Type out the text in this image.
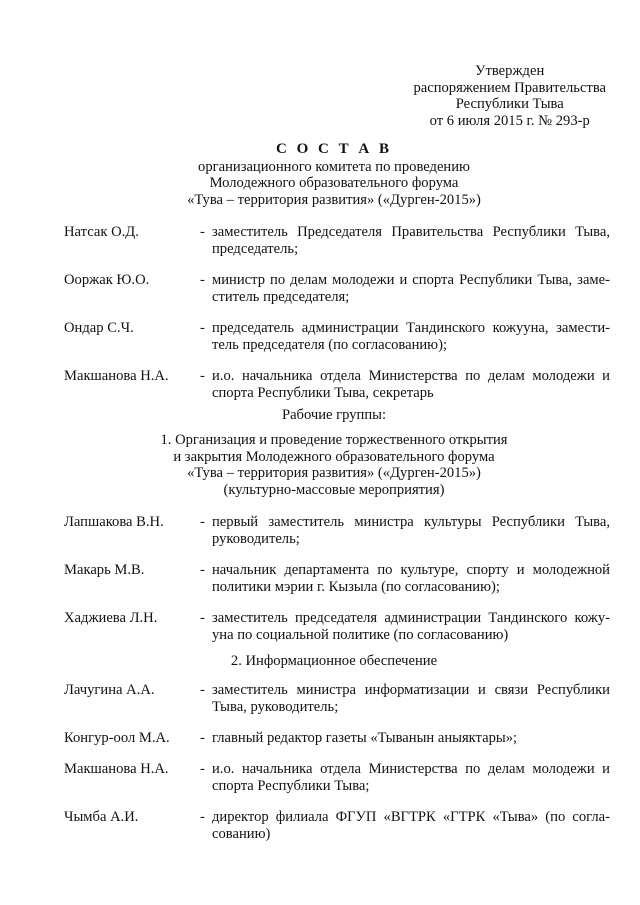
Утвержден
распоряжением Правительства
Республики Тыва
от 6 июля 2015 г. № 293-р
С О С Т А В
организационного комитета по проведению
Молодежного образовательного форума
«Тува – территория развития» («Дурген-2015»)
Натсак О.Д.	- заместитель Председателя Правительства Республики Тыва, председатель;
Ооржак Ю.О.	- министр по делам молодежи и спорта Республики Тыва, заме-ститель председателя;
Ондар С.Ч.	- председатель администрации Тандинского кожууна, замести-тель председателя (по согласованию);
Макшанова Н.А.	- и.о. начальника отдела Министерства по делам молодежи и спорта Республики Тыва, секретарь
Рабочие группы:
1. Организация и проведение торжественного открытия
и закрытия Молодежного образовательного форума
«Тува – территория развития» («Дурген-2015»)
(культурно-массовые мероприятия)
Лапшакова В.Н.	- первый заместитель министра культуры Республики Тыва, руководитель;
Макарь М.В.	- начальник департамента по культуре, спорту и молодежной политики мэрии г. Кызыла (по согласованию);
Хаджиева Л.Н.	- заместитель председателя администрации Тандинского кожу-уна по социальной политике (по согласованию)
2. Информационное обеспечение
Лачугина А.А.	- заместитель министра информатизации и связи Республики Тыва, руководитель;
Конгур-оол М.А.	- главный редактор газеты «Тыванын аныяктары»;
Макшанова Н.А.	- и.о. начальника отдела Министерства по делам молодежи и спорта Республики Тыва;
Чымба А.И.	- директор филиала ФГУП «ВГТРК «ГТРК «Тыва» (по согла-сованию)
